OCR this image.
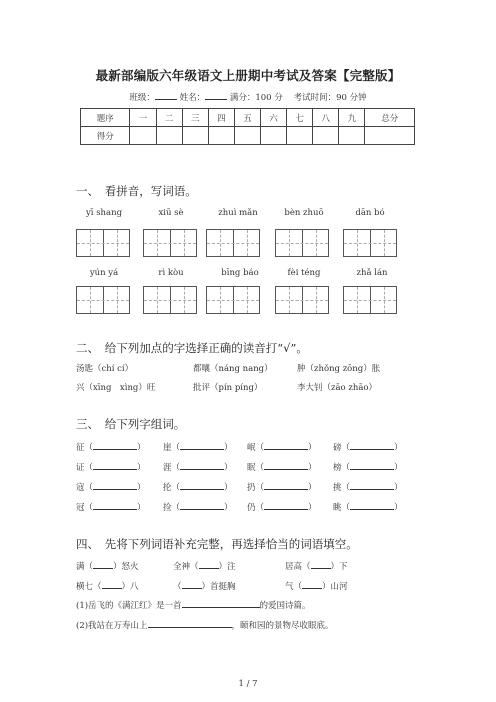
最新部编版六年级语文上册期中考试及答案【完整版】
班级：	姓名：	满分：100 分 考试时间：90 分钟
题序	一	二	三	四	五	六	七	八	九	总分
得分										
一、　看拼音，写词语。
yī shang	xiū sè	zhuì mǎn	bèn zhuō	dān bó
yún yá	rì kòu	bīng báo	fèi téng	zhǎ lán
二、　给下列加点的字选择正确的读音打“√”。
汤匙（chí cí）	都嚷（náng nang）	肿（zhǒng zōng）胀
兴（xīng　xìng）旺	批评（pín píng）	李大钊（zāo zhāo）
三、　给下列字组词。
征（	） 崖（	） 岷（	） 磅（	）
证（	） 涯（	） 眠（	） 榜（	）
寇（	） 抡（	） 扔（	） 挑（	）
冠（	） 捡（	） 仍（	） 眺（	）
四、　先将下列词语补充完整，再选择恰当的词语填空。
满（ ）怒火	全神（ ）注	居高（ ）下
横七（ ）八	（ ）首挺胸	气（ ）山河
(1)岳飞的《满江红》是一首	的爱国诗篇。
(2)我站在万寿山上	，颐和园的景物尽收眼底。
1 / 7
